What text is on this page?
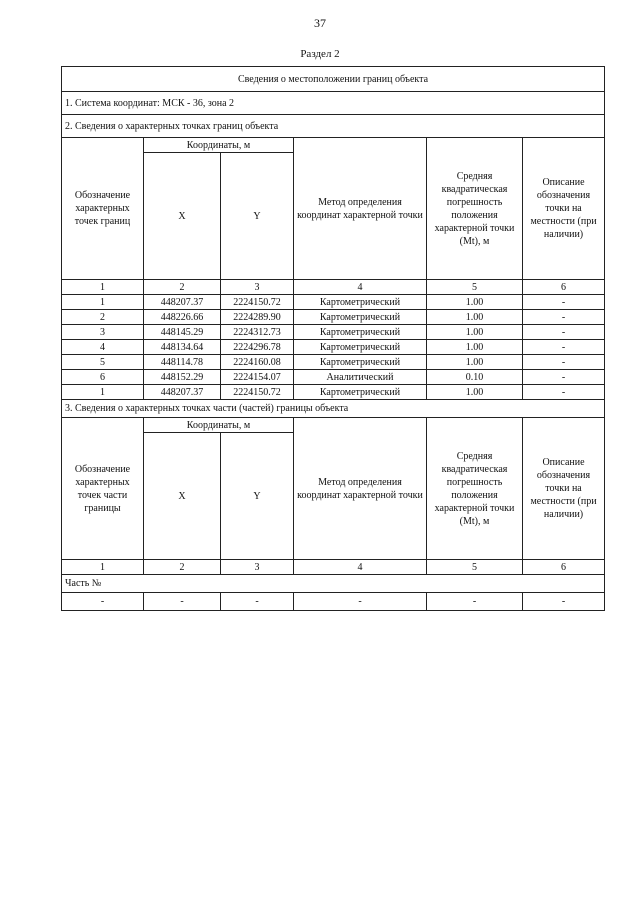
37
Раздел 2
Сведения о местоположении границ объекта					
1. Система координат: МСК - 36, зона 2					
2. Сведения о характерных точках границ объекта					
Обозначение характерных точек границ	Координаты, м		Метод определения координат характерной точки	Средняя квадратическая погрешность положения характерной точки (Mt), м	Описание обозначения точки на местности (при наличии)
	X	Y			
1	2	3	4	5	6
1	448207.37	2224150.72	Картометрический	1.00	-
2	448226.66	2224289.90	Картометрический	1.00	-
3	448145.29	2224312.73	Картометрический	1.00	-
4	448134.64	2224296.78	Картометрический	1.00	-
5	448114.78	2224160.08	Картометрический	1.00	-
6	448152.29	2224154.07	Аналитический	0.10	-
1	448207.37	2224150.72	Картометрический	1.00	-
3. Сведения о характерных точках части (частей) границы объекта					
Обозначение характерных точек части границы	Координаты, м		Метод определения координат характерной точки	Средняя квадратическая погрешность положения характерной точки (Mt), м	Описание обозначения точки на местности (при наличии)
	X	Y			
1	2	3	4	5	6
Часть №					
-	-	-	-	-	-
